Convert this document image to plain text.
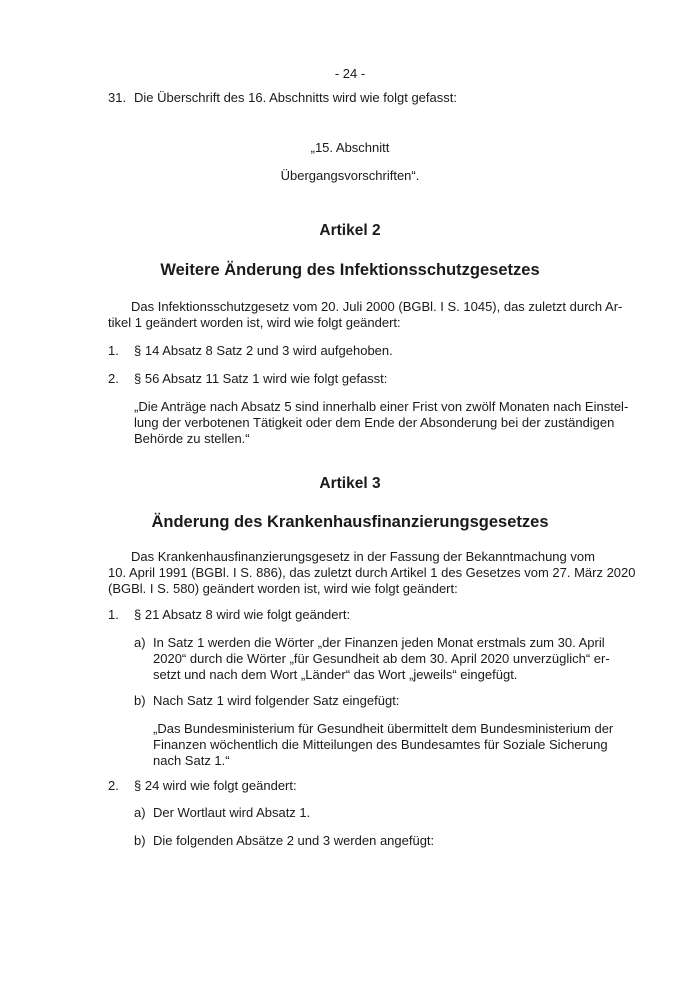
- 24 -
31. Die Überschrift des 16. Abschnitts wird wie folgt gefasst:
„15. Abschnitt
Übergangsvorschriften“.
Artikel 2
Weitere Änderung des Infektionsschutzgesetzes
Das Infektionsschutzgesetz vom 20. Juli 2000 (BGBl. I S. 1045), das zuletzt durch Ar-
tikel 1 geändert worden ist, wird wie folgt geändert:
1. § 14 Absatz 8 Satz 2 und 3 wird aufgehoben.
2. § 56 Absatz 11 Satz 1 wird wie folgt gefasst:
„Die Anträge nach Absatz 5 sind innerhalb einer Frist von zwölf Monaten nach Einstel-
lung der verbotenen Tätigkeit oder dem Ende der Absonderung bei der zuständigen
Behörde zu stellen.“
Artikel 3
Änderung des Krankenhausfinanzierungsgesetzes
Das Krankenhausfinanzierungsgesetz in der Fassung der Bekanntmachung vom
10. April 1991 (BGBl. I S. 886), das zuletzt durch Artikel 1 des Gesetzes vom 27. März 2020
(BGBl. I S. 580) geändert worden ist, wird wie folgt geändert:
1. § 21 Absatz 8 wird wie folgt geändert:
a) In Satz 1 werden die Wörter „der Finanzen jeden Monat erstmals zum 30. April
2020“ durch die Wörter „für Gesundheit ab dem 30. April 2020 unverzüglich“ er-
setzt und nach dem Wort „Länder“ das Wort „jeweils“ eingefügt.
b) Nach Satz 1 wird folgender Satz eingefügt:
„Das Bundesministerium für Gesundheit übermittelt dem Bundesministerium der
Finanzen wöchentlich die Mitteilungen des Bundesamtes für Soziale Sicherung
nach Satz 1.“
2. § 24 wird wie folgt geändert:
a) Der Wortlaut wird Absatz 1.
b) Die folgenden Absätze 2 und 3 werden angefügt:
